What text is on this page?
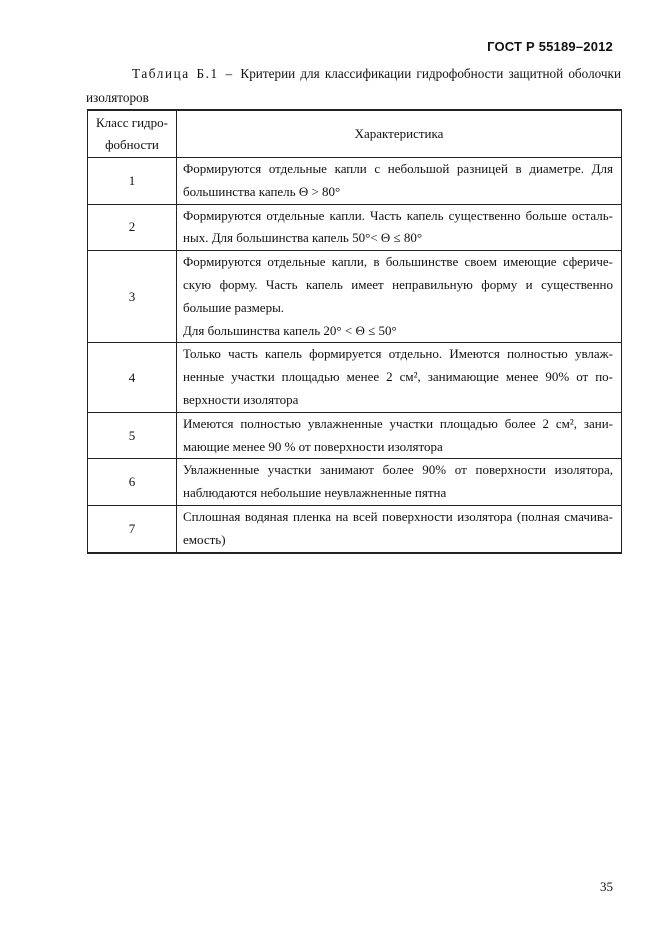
ГОСТ Р 55189–2012
Таблица Б.1 – Критерии для классификации гидрофобности защитной оболочки
изоляторов
Класс гидро-
фобности	Характеристика
1	Формируются отдельные капли с небольшой разницей в диаметре. Для
большинства капель Θ > 80°

2	Формируются отдельные капли. Часть капель существенно больше осталь-
ных. Для большинства капель 50°< Θ ≤ 80°

3	Формируются отдельные капли, в большинстве своем имеющие сфериче-
скую форму. Часть капель имеет неправильную форму и существенно
большие размеры.
Для большинства капель 20° < Θ ≤ 50°

4	Только часть капель формируется отдельно. Имеются полностью увлаж-
ненные участки площадью менее 2 см², занимающие менее 90% от по-
верхности изолятора

5	Имеются полностью увлажненные участки площадью более 2 см², зани-
мающие менее 90 % от поверхности изолятора

6	Увлажненные участки занимают более 90% от поверхности изолятора,
наблюдаются небольшие неувлажненные пятна

7	Сплошная водяная пленка на всей поверхности изолятора (полная смачива-
емость)
35
